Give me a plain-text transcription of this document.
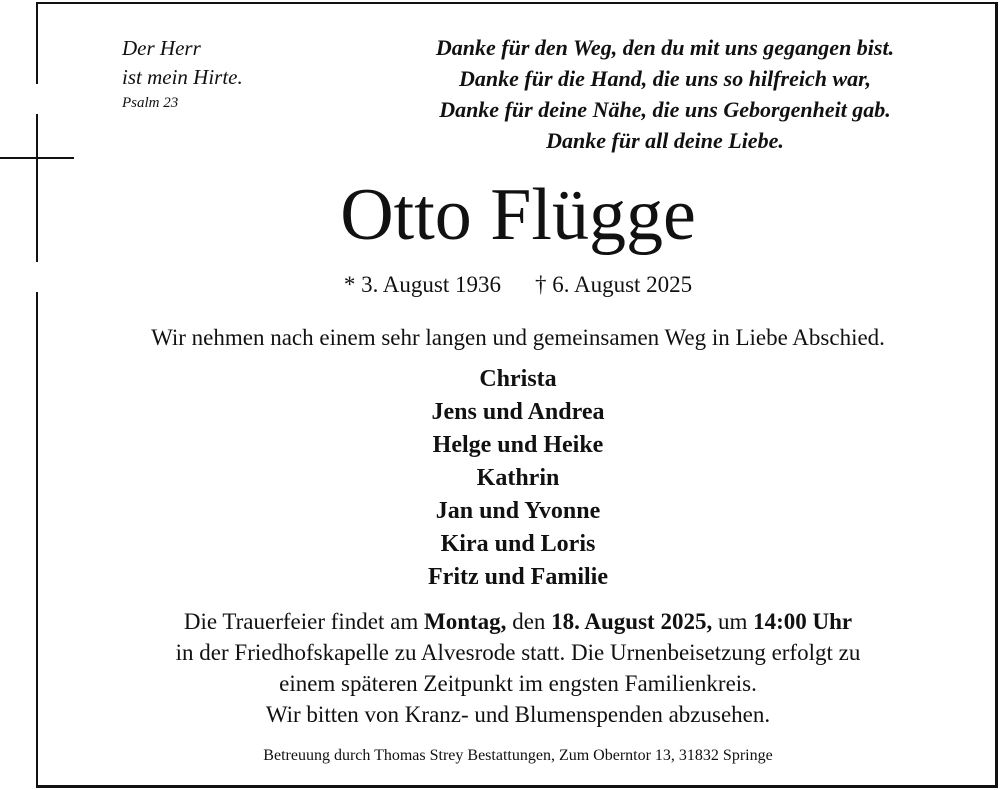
Der Herr
ist mein Hirte.
Psalm 23
Danke für den Weg, den du mit uns gegangen bist.
Danke für die Hand, die uns so hilfreich war,
Danke für deine Nähe, die uns Geborgenheit gab.
Danke für all deine Liebe.
Otto Flügge
* 3. August 1936 † 6. August 2025
Wir nehmen nach einem sehr langen und gemeinsamen Weg in Liebe Abschied.
Christa
Jens und Andrea
Helge und Heike
Kathrin
Jan und Yvonne
Kira und Loris
Fritz und Familie
Die Trauerfeier findet am Montag, den 18. August 2025, um 14:00 Uhr
in der Friedhofskapelle zu Alvesrode statt. Die Urnenbeisetzung erfolgt zu
einem späteren Zeitpunkt im engsten Familienkreis.
Wir bitten von Kranz- und Blumenspenden abzusehen.
Betreuung durch Thomas Strey Bestattungen, Zum Oberntor 13, 31832 Springe
